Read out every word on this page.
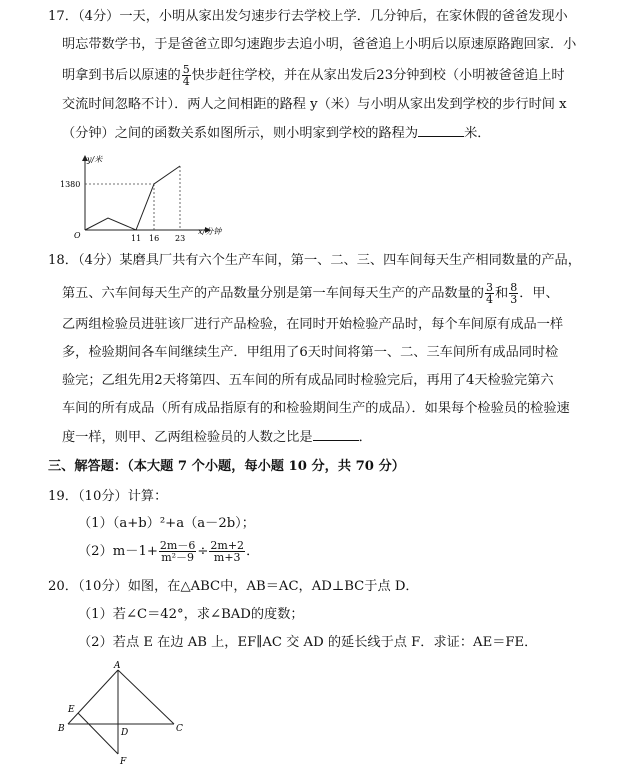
17．（4分）一天，小明从家出发匀速步行去学校上学．几分钟后，在家休假的爸爸发现小
明忘带数学书，于是爸爸立即匀速跑步去追小明，爸爸追上小明后以原速原路跑回家．小
明拿到书后以原速的 $\frac{5}{4}$ 快步赶往学校，并在从家出发后23分钟到校（小明被爸爸追上时
交流时间忽略不计）．两人之间相距的路程 y（米）与小明从家出发到学校的步行时间 x
（分钟）之间的函数关系如图所示，则小明家到学校的路程为	米．
y/米
x/分钟
O
1380
11 16 23
18．（4分）某磨具厂共有六个生产车间，第一、二、三、四车间每天生产相同数量的产品，
第五、六车间每天生产的产品数量分别是第一车间每天生产的产品数量的 $\frac{3}{4}$ 和 $\frac{8}{3}$ ．甲、
乙两组检验员进驻该厂进行产品检验，在同时开始检验产品时，每个车间原有成品一样
多，检验期间各车间继续生产．甲组用了6天时间将第一、二、三车间所有成品同时检
验完；乙组先用2天将第四、五车间的所有成品同时检验完后，再用了4天检验完第六
车间的所有成品（所有成品指原有的和检验期间生产的成品）．如果每个检验员的检验速
度一样，则甲、乙两组检验员的人数之比是	．
三、解答题：（本大题 7 个小题，每小题 10 分，共 70 分）
19．（10分）计算：
（1）（a+b）²+a（a－2b）；
$(2)m-1+ \frac{2m-6}{\text{m²－9}} \div \frac{2m+2}{m+3}$ ．
20．（10分）如图，在△ABC中，AB＝AC，AD⊥BC于点 D．
（1）若∠C＝42°，求∠BAD的度数；
（2）若点 E 在边 AB 上，EF∥AC 交 AD 的延长线于点 F．求证：AE＝FE．
A
B	C
D
E
F
